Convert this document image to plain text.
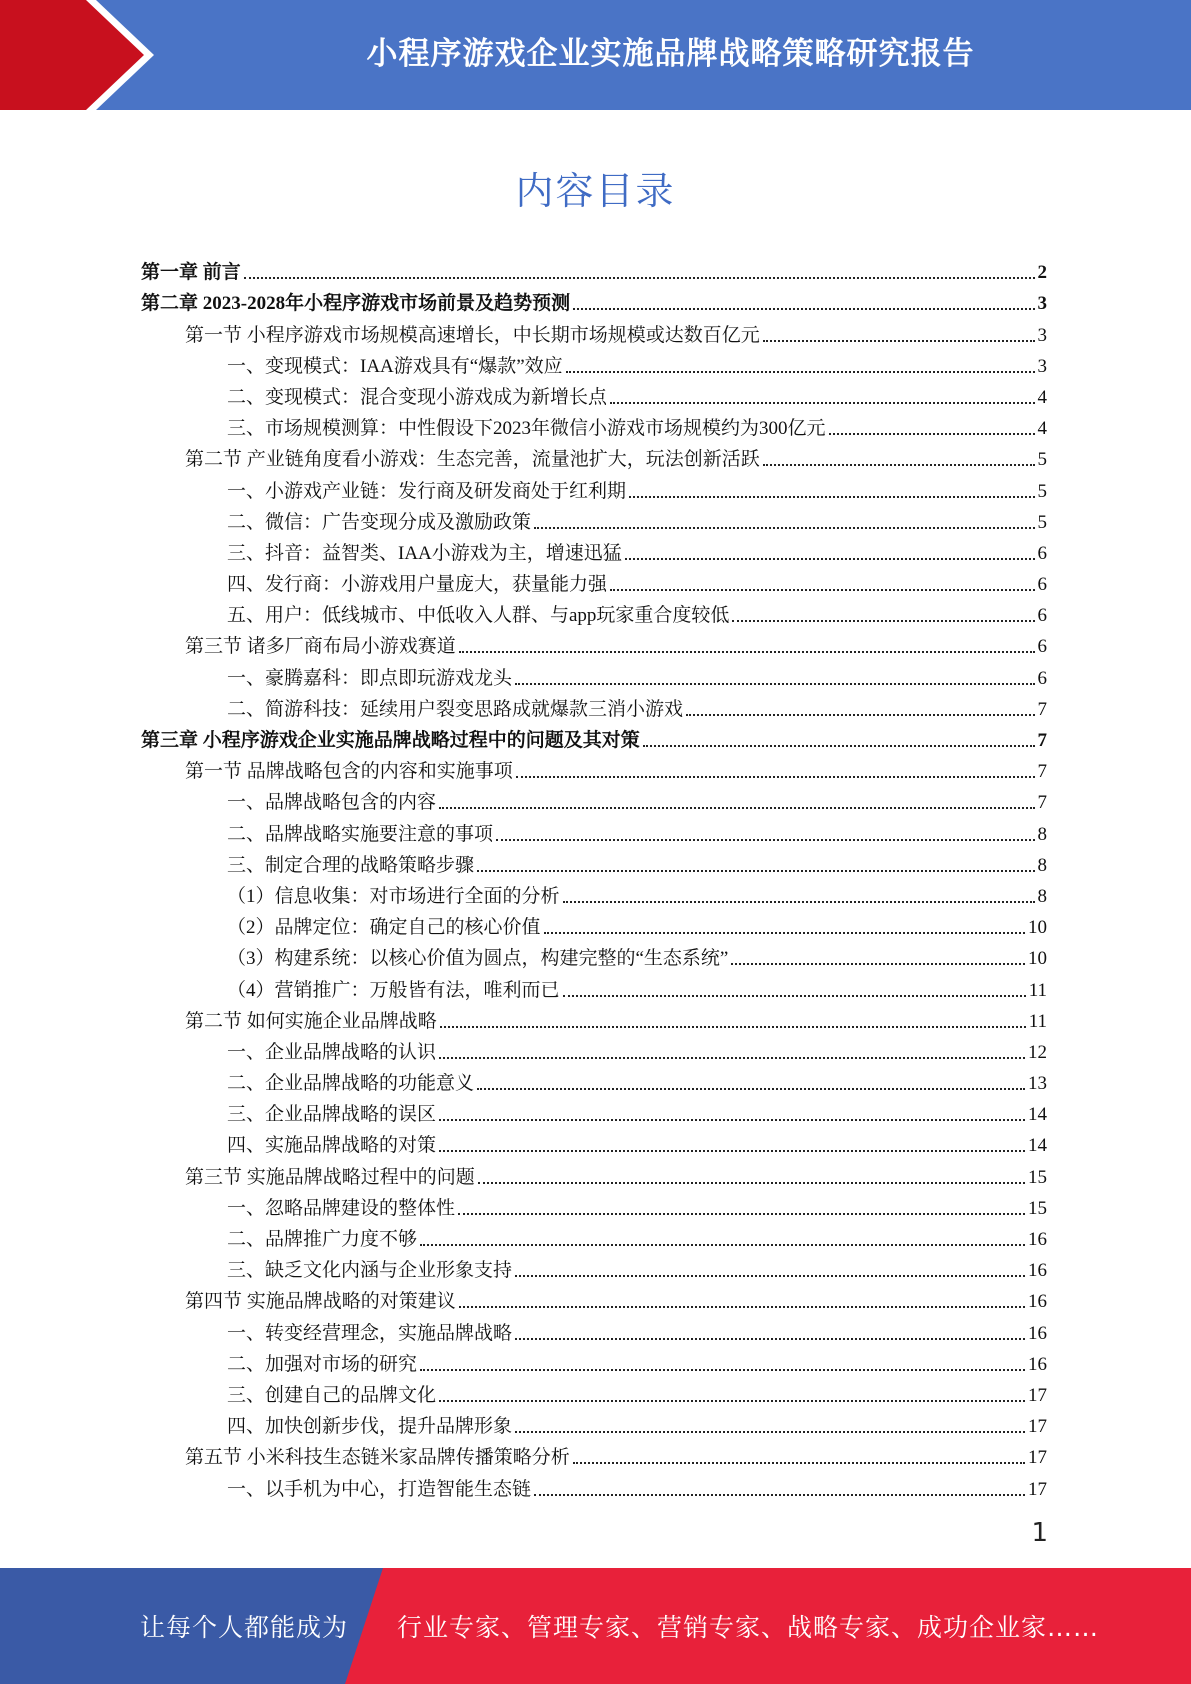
小程序游戏企业实施品牌战略策略研究报告
内容目录
第一章 前言	2
第二章 2023-2028年小程序游戏市场前景及趋势预测	3
第一节 小程序游戏市场规模高速增长，中长期市场规模或达数百亿元	3
一、变现模式：IAA游戏具有“爆款”效应	3
二、变现模式：混合变现小游戏成为新增长点	4
三、市场规模测算：中性假设下2023年微信小游戏市场规模约为300亿元	4
第二节 产业链角度看小游戏：生态完善，流量池扩大，玩法创新活跃	5
一、小游戏产业链：发行商及研发商处于红利期	5
二、微信：广告变现分成及激励政策	5
三、抖音：益智类、IAA小游戏为主，增速迅猛	6
四、发行商：小游戏用户量庞大，获量能力强	6
五、用户：低线城市、中低收入人群、与app玩家重合度较低	6
第三节 诸多厂商布局小游戏赛道	6
一、豪腾嘉科：即点即玩游戏龙头	6
二、简游科技：延续用户裂变思路成就爆款三消小游戏	7
第三章 小程序游戏企业实施品牌战略过程中的问题及其对策	7
第一节 品牌战略包含的内容和实施事项	7
一、品牌战略包含的内容	7
二、品牌战略实施要注意的事项	8
三、制定合理的战略策略步骤	8
（1）信息收集：对市场进行全面的分析	8
（2）品牌定位：确定自己的核心价值	10
（3）构建系统：以核心价值为圆点，构建完整的“生态系统”	10
（4）营销推广：万般皆有法，唯利而已	11
第二节 如何实施企业品牌战略	11
一、企业品牌战略的认识	12
二、企业品牌战略的功能意义	13
三、企业品牌战略的误区	14
四、实施品牌战略的对策	14
第三节 实施品牌战略过程中的问题	15
一、忽略品牌建设的整体性	15
二、品牌推广力度不够	16
三、缺乏文化内涵与企业形象支持	16
第四节 实施品牌战略的对策建议	16
一、转变经营理念，实施品牌战略	16
二、加强对市场的研究	16
三、创建自己的品牌文化	17
四、加快创新步伐，提升品牌形象	17
第五节 小米科技生态链米家品牌传播策略分析	17
一、以手机为中心，打造智能生态链	17
1
让每个人都能成为 行业专家、管理专家、营销专家、战略专家、成功企业家……
